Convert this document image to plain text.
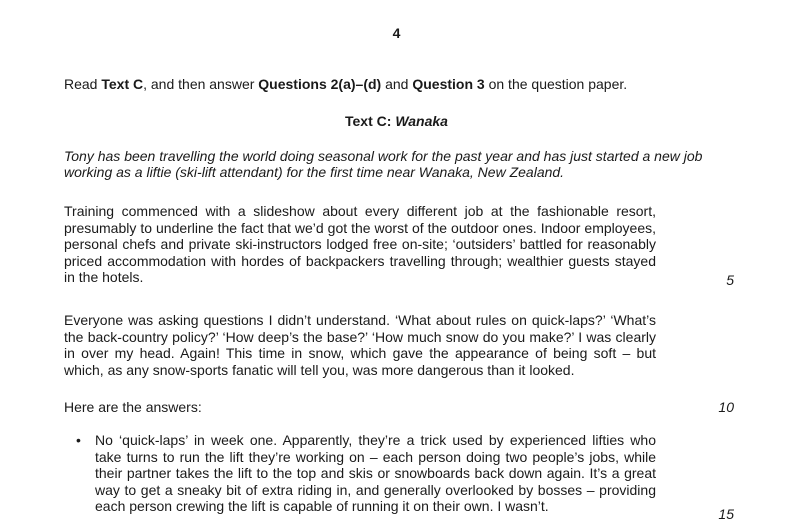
4
Read Text C, and then answer Questions 2(a)–(d) and Question 3 on the question paper.
Text C: Wanaka
Tony has been travelling the world doing seasonal work for the past year and has just started a new job working as a liftie (ski-lift attendant) for the first time near Wanaka, New Zealand.

Training commenced with a slideshow about every different job at the fashionable resort, presumably to underline the fact that we’d got the worst of the outdoor ones. Indoor employees, personal chefs and private ski-instructors lodged free on-site; ‘outsiders’ battled for reasonably priced accommodation with hordes of backpackers travelling through; wealthier guests stayed in the hotels.	5

Everyone was asking questions I didn’t understand. ‘What about rules on quick-laps?’ ‘What’s the back-country policy?’ ‘How deep’s the base?’ ‘How much snow do you make?’ I was clearly in over my head. Again! This time in snow, which gave the appearance of being soft – but which, as any snow-sports fanatic will tell you, was more dangerous than it looked.

Here are the answers:	10
• No ‘quick-laps’ in week one. Apparently, they’re a trick used by experienced lifties who take turns to run the lift they’re working on – each person doing two people’s jobs, while their partner takes the lift to the top and skis or snowboards back down again. It’s a great way to get a sneaky bit of extra riding in, and generally overlooked by bosses – providing each person crewing the lift is capable of running it on their own. I wasn’t.	15
